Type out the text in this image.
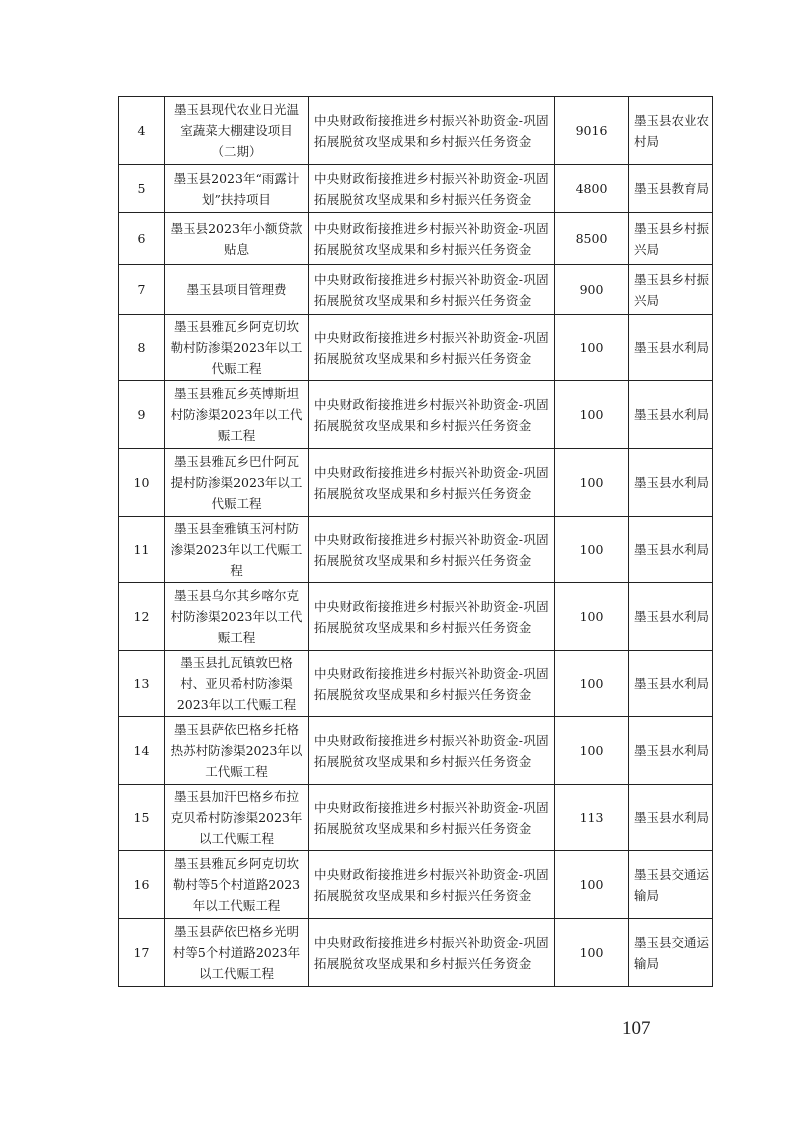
4	墨玉县现代农业日光温室蔬菜大棚建设项目（二期）	中央财政衔接推进乡村振兴补助资金-巩固拓展脱贫攻坚成果和乡村振兴任务资金	9016	墨玉县农业农村局
5	墨玉县2023年“雨露计划”扶持项目	中央财政衔接推进乡村振兴补助资金-巩固拓展脱贫攻坚成果和乡村振兴任务资金	4800	墨玉县教育局
6	墨玉县2023年小额贷款贴息	中央财政衔接推进乡村振兴补助资金-巩固拓展脱贫攻坚成果和乡村振兴任务资金	8500	墨玉县乡村振兴局
7	墨玉县项目管理费	中央财政衔接推进乡村振兴补助资金-巩固拓展脱贫攻坚成果和乡村振兴任务资金	900	墨玉县乡村振兴局
8	墨玉县雅瓦乡阿克切坎勒村防渗渠2023年以工代赈工程	中央财政衔接推进乡村振兴补助资金-巩固拓展脱贫攻坚成果和乡村振兴任务资金	100	墨玉县水利局
9	墨玉县雅瓦乡英博斯坦村防渗渠2023年以工代赈工程	中央财政衔接推进乡村振兴补助资金-巩固拓展脱贫攻坚成果和乡村振兴任务资金	100	墨玉县水利局
10	墨玉县雅瓦乡巴什阿瓦提村防渗渠2023年以工代赈工程	中央财政衔接推进乡村振兴补助资金-巩固拓展脱贫攻坚成果和乡村振兴任务资金	100	墨玉县水利局
11	墨玉县奎雅镇玉河村防渗渠2023年以工代赈工程	中央财政衔接推进乡村振兴补助资金-巩固拓展脱贫攻坚成果和乡村振兴任务资金	100	墨玉县水利局
12	墨玉县乌尔其乡喀尔克村防渗渠2023年以工代赈工程	中央财政衔接推进乡村振兴补助资金-巩固拓展脱贫攻坚成果和乡村振兴任务资金	100	墨玉县水利局
13	墨玉县扎瓦镇敦巴格村、亚贝希村防渗渠2023年以工代赈工程	中央财政衔接推进乡村振兴补助资金-巩固拓展脱贫攻坚成果和乡村振兴任务资金	100	墨玉县水利局
14	墨玉县萨依巴格乡托格热苏村防渗渠2023年以工代赈工程	中央财政衔接推进乡村振兴补助资金-巩固拓展脱贫攻坚成果和乡村振兴任务资金	100	墨玉县水利局
15	墨玉县加汗巴格乡布拉克贝希村防渗渠2023年以工代赈工程	中央财政衔接推进乡村振兴补助资金-巩固拓展脱贫攻坚成果和乡村振兴任务资金	113	墨玉县水利局
16	墨玉县雅瓦乡阿克切坎勒村等5个村道路2023年以工代赈工程	中央财政衔接推进乡村振兴补助资金-巩固拓展脱贫攻坚成果和乡村振兴任务资金	100	墨玉县交通运输局
17	墨玉县萨依巴格乡光明村等5个村道路2023年以工代赈工程	中央财政衔接推进乡村振兴补助资金-巩固拓展脱贫攻坚成果和乡村振兴任务资金	100	墨玉县交通运输局
107
